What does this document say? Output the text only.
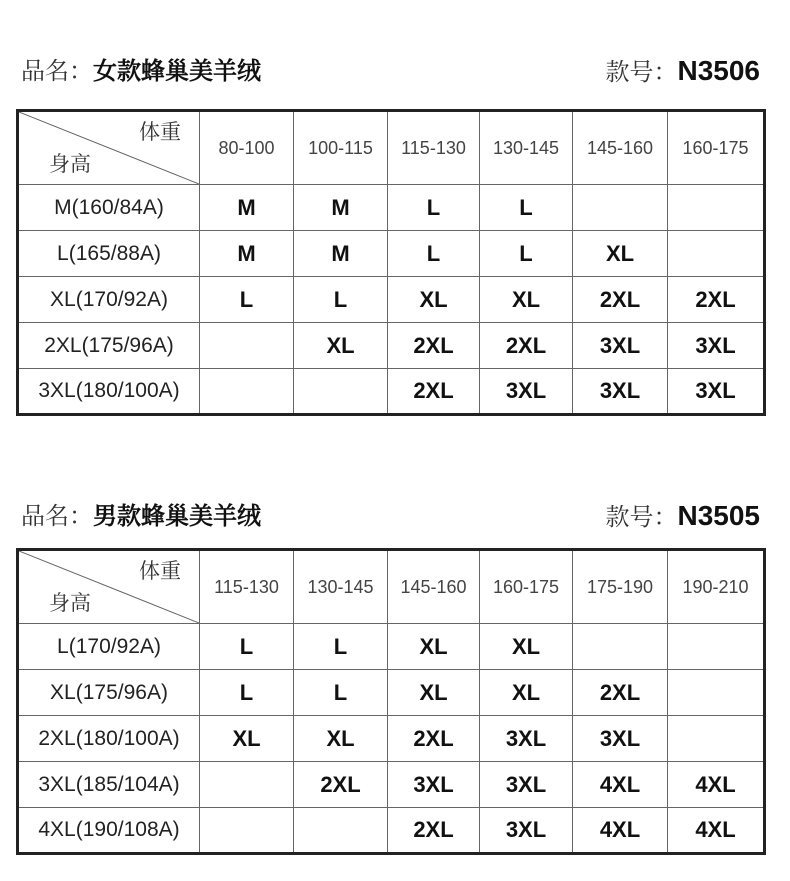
品名：女款蜂巢美羊绒	款号：N3506
体重
身高	80-100	100-115	115-130	130-145	145-160	160-175
M(160/84A)	M	M	L	L		
L(165/88A)	M	M	L	L	XL	
XL(170/92A)	L	L	XL	XL	2XL	2XL
2XL(175/96A)		XL	2XL	2XL	3XL	3XL
3XL(180/100A)			2XL	3XL	3XL	3XL
品名：男款蜂巢美羊绒	款号：N3505
体重
身高	115-130	130-145	145-160	160-175	175-190	190-210
L(170/92A)	L	L	XL	XL		
XL(175/96A)	L	L	XL	XL	2XL	
2XL(180/100A)	XL	XL	2XL	3XL	3XL	
3XL(185/104A)		2XL	3XL	3XL	4XL	4XL
4XL(190/108A)			2XL	3XL	4XL	4XL
